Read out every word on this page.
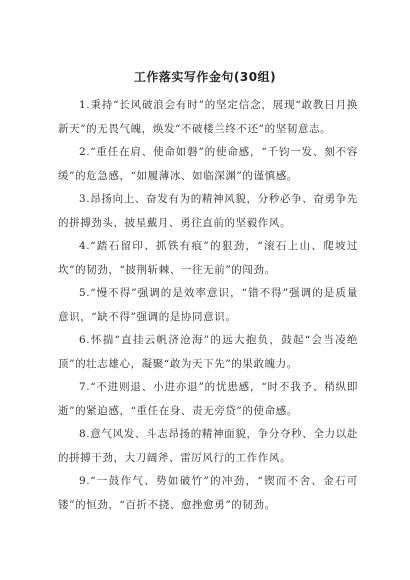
工作落实写作金句(30组)

1.秉持“长风破浪会有时”的坚定信念，展现“敢教日月换新天”的无畏气魄，焕发“不破楼兰终不还”的坚韧意志。

2.“重任在肩、使命如磐”的使命感，“千钧一发、刻不容缓”的危急感，“如履薄冰、如临深渊”的谨慎感。

3.昂扬向上、奋发有为的精神风貌，分秒必争、奋勇争先的拼搏劲头，披星戴月、勇往直前的坚毅作风。

4.“踏石留印、抓铁有痕”的狠劲，“滚石上山、爬坡过坎”的韧劲，“披荆斩棘、一往无前”的闯劲。

5.“慢不得”强调的是效率意识，“错不得”强调的是质量意识，“缺不得”强调的是协同意识。

6.怀揣“直挂云帆济沧海”的远大抱负，鼓起“会当凌绝顶”的壮志雄心，凝聚“敢为天下先”的果敢魄力。

7.“不进则退、小进亦退”的忧患感，“时不我予、稍纵即逝”的紧迫感，“重任在身、责无旁贷”的使命感。

8.意气风发、斗志昂扬的精神面貌，争分夺秒、全力以赴的拼搏干劲，大刀阔斧、雷厉风行的工作作风。

9.“一鼓作气、势如破竹”的冲劲，“锲而不舍、金石可镂”的恒劲，“百折不挠、愈挫愈勇”的韧劲。
